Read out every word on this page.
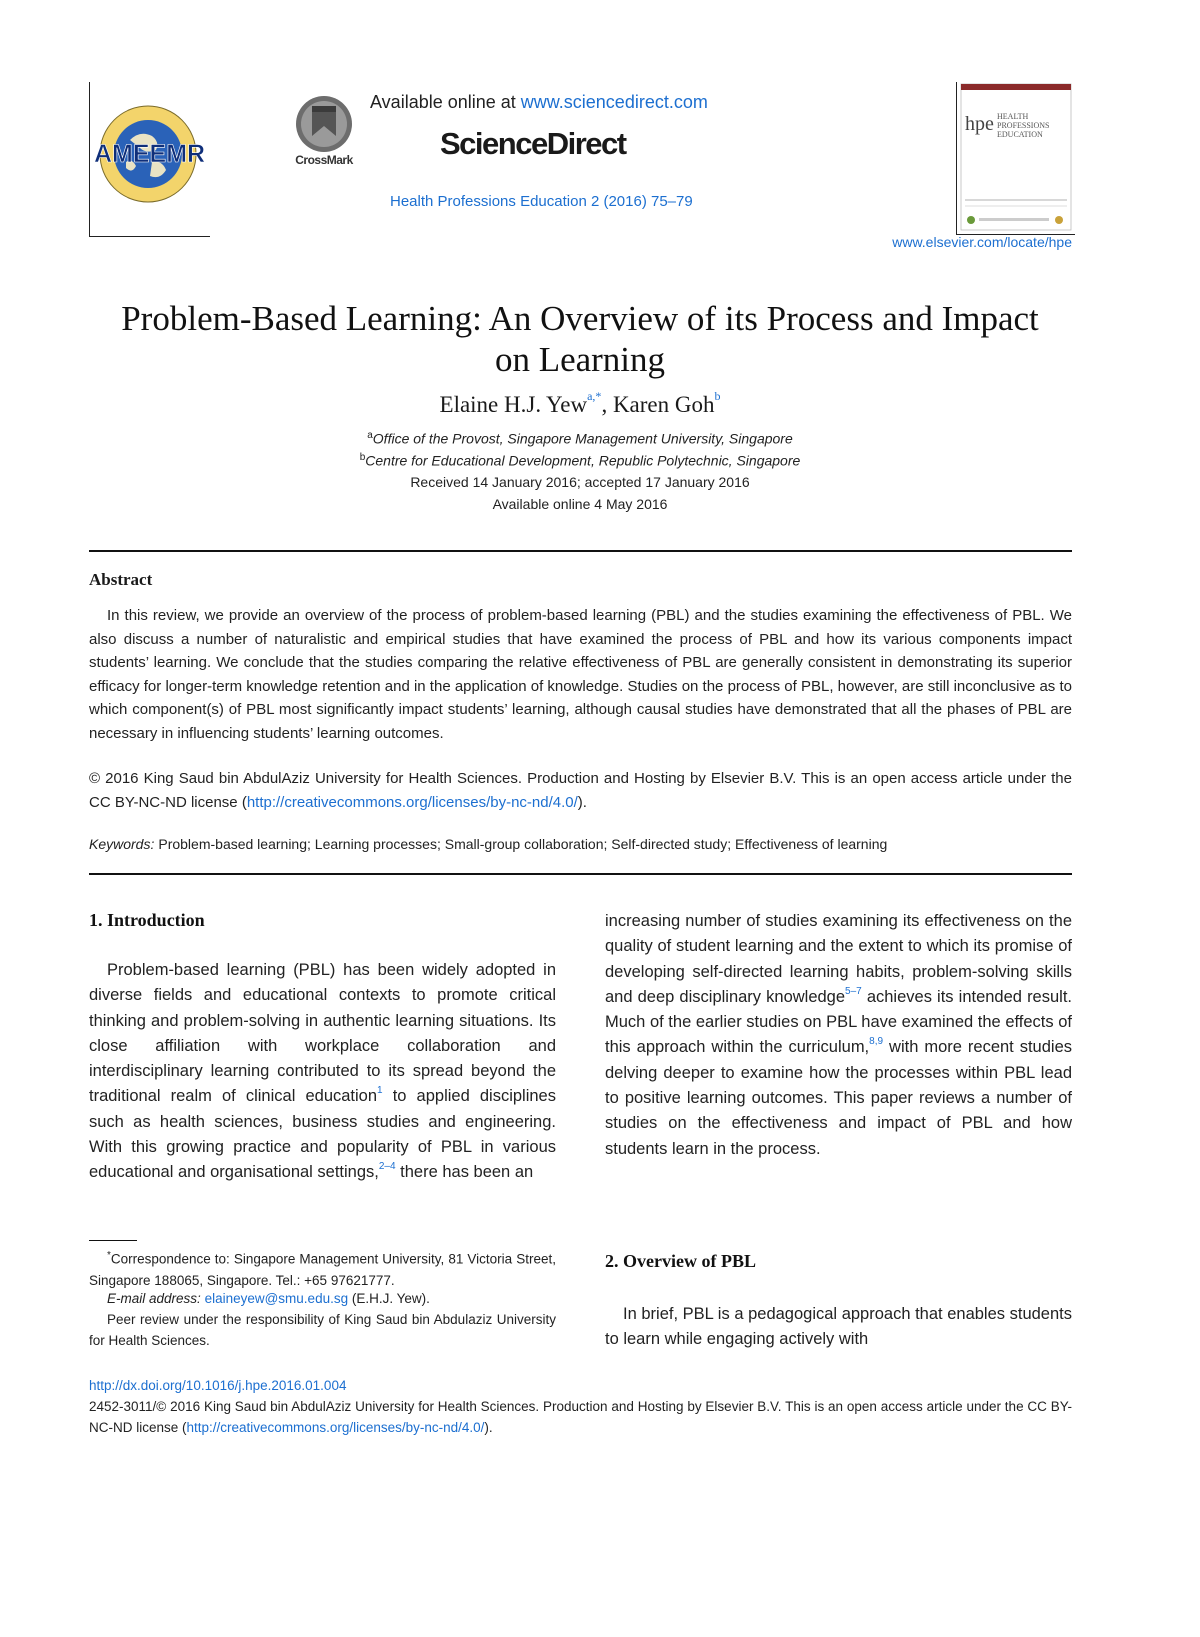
AMEEMR	CrossMark
Available online at www.sciencedirect.com
ScienceDirect
Health Professions Education 2 (2016) 75–79
hpe HEALTH PROFESSIONS EDUCATION
www.elsevier.com/locate/hpe
Problem-Based Learning: An Overview of its Process and Impact
on Learning
Elaine H.J. Yew$^{a,*}$, Karen Goh$^b$
$^a$Office of the Provost, Singapore Management University, Singapore
$^b$Centre for Educational Development, Republic Polytechnic, Singapore
Received 14 January 2016; accepted 17 January 2016
Available online 4 May 2016
Abstract
In this review, we provide an overview of the process of problem-based learning (PBL) and the studies examining the effectiveness of PBL. We also discuss a number of naturalistic and empirical studies that have examined the process of PBL and how its various components impact students’ learning. We conclude that the studies comparing the relative effectiveness of PBL are generally consistent in demonstrating its superior efficacy for longer-term knowledge retention and in the application of knowledge. Studies on the process of PBL, however, are still inconclusive as to which component(s) of PBL most significantly impact students’ learning, although causal studies have demonstrated that all the phases of PBL are necessary in influencing students’ learning outcomes.
© 2016 King Saud bin AbdulAziz University for Health Sciences. Production and Hosting by Elsevier B.V. This is an open access article under the CC BY-NC-ND license (http://creativecommons.org/licenses/by-nc-nd/4.0/).
Keywords: Problem-based learning; Learning processes; Small-group collaboration; Self-directed study; Effectiveness of learning
1. Introduction
Problem-based learning (PBL) has been widely adopted in diverse fields and educational contexts to promote critical thinking and problem-solving in authentic learning situations. Its close affiliation with workplace collaboration and interdisciplinary learning contributed to its spread beyond the traditional realm of clinical education$^1$ to applied disciplines such as health sciences, business studies and engineering. With this growing practice and popularity of PBL in various educational and organisational settings,$^{2-4}$ there has been an
*Correspondence to: Singapore Management University, 81 Victoria Street, Singapore 188065, Singapore. Tel.: +65 97621777.
E-mail address: elaineyew@smu.edu.sg (E.H.J. Yew).
Peer review under the responsibility of King Saud bin Abdulaziz University for Health Sciences.
increasing number of studies examining its effectiveness on the quality of student learning and the extent to which its promise of developing self-directed learning habits, problem-solving skills and deep disciplinary knowledge$^{5-7}$ achieves its intended result. Much of the earlier studies on PBL have examined the effects of this approach within the curriculum,$^{8,9}$ with more recent studies delving deeper to examine how the processes within PBL lead to positive learning outcomes. This paper reviews a number of studies on the effectiveness and impact of PBL and how students learn in the process.
2. Overview of PBL
In brief, PBL is a pedagogical approach that enables students to learn while engaging actively with
http://dx.doi.org/10.1016/j.hpe.2016.01.004
2452-3011/© 2016 King Saud bin AbdulAziz University for Health Sciences. Production and Hosting by Elsevier B.V. This is an open access article under the CC BY-NC-ND license (http://creativecommons.org/licenses/by-nc-nd/4.0/).
